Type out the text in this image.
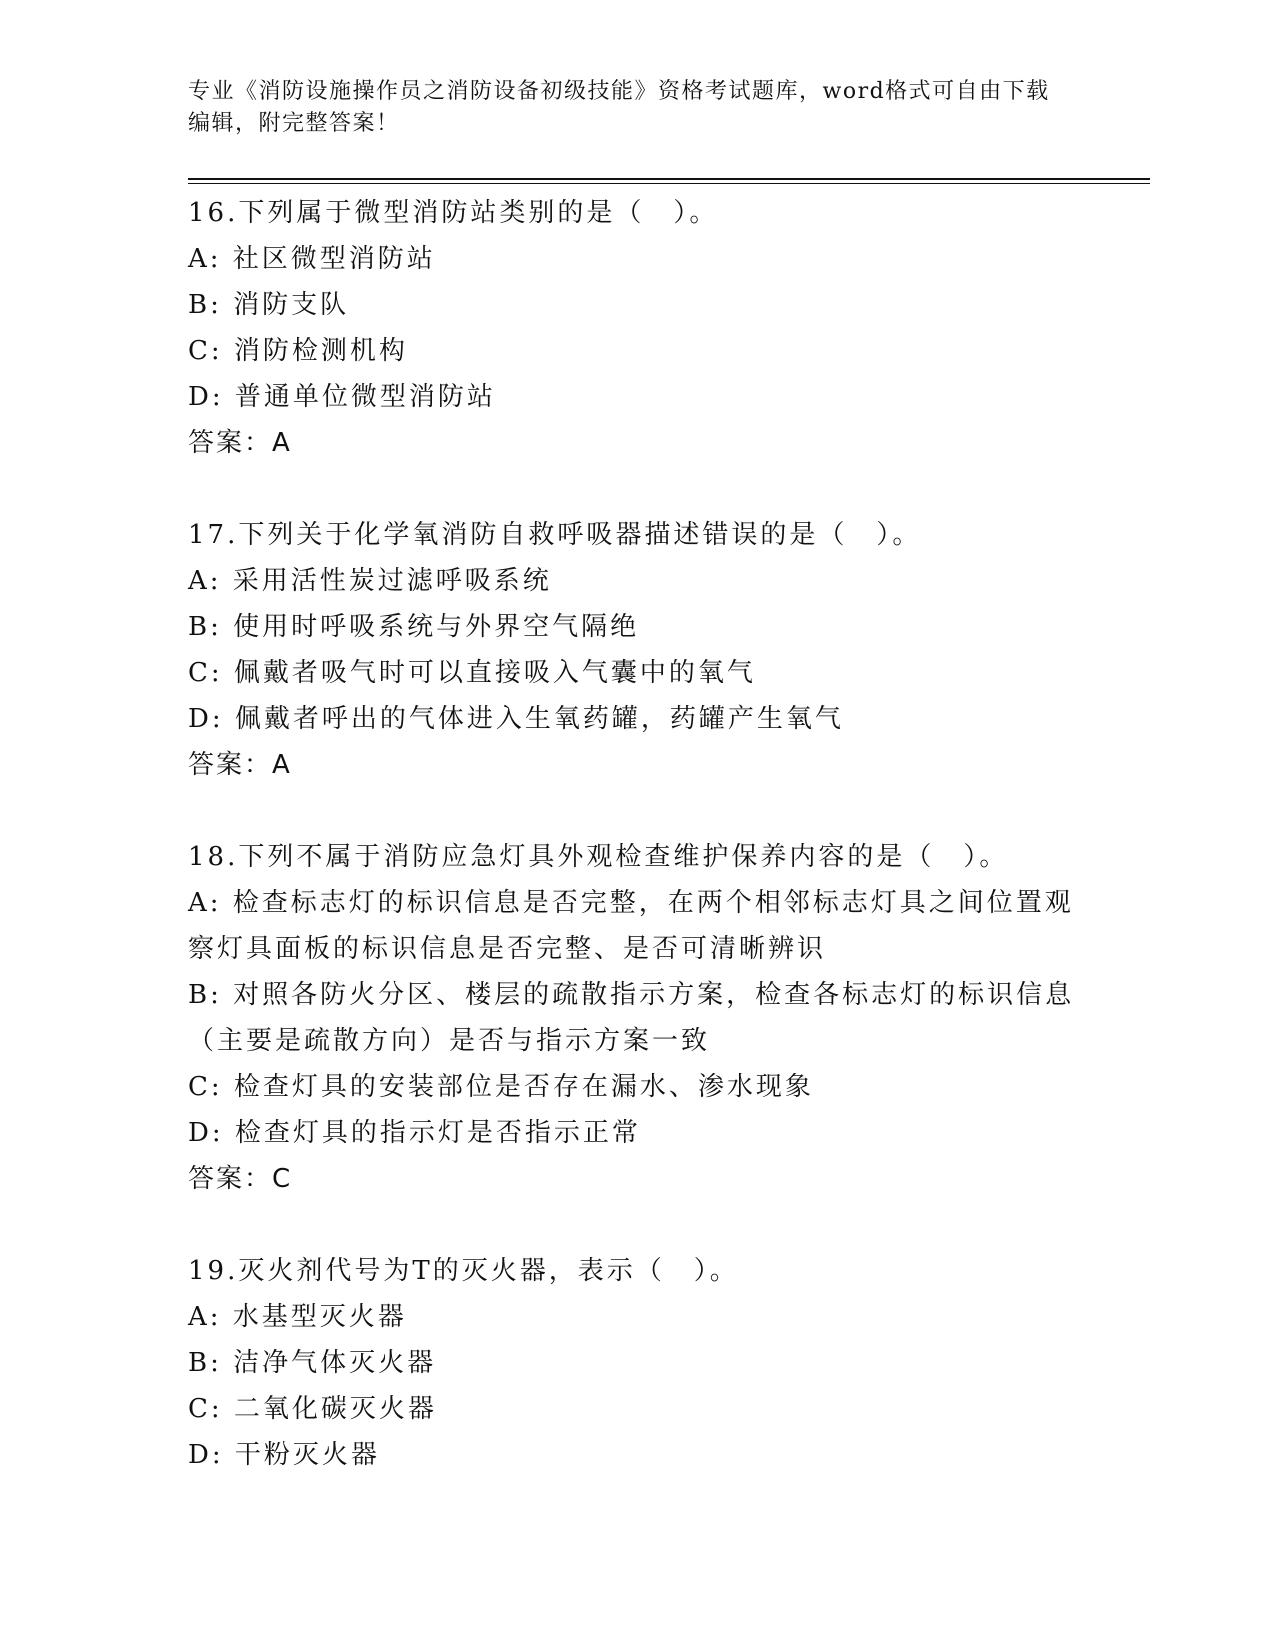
专业《消防设施操作员之消防设备初级技能》资格考试题库，word格式可自由下载编辑，附完整答案！
16.下列属于微型消防站类别的是（　）。
A: 社区微型消防站
B: 消防支队
C: 消防检测机构
D: 普通单位微型消防站
答案：A
17.下列关于化学氧消防自救呼吸器描述错误的是（　）。
A: 采用活性炭过滤呼吸系统
B: 使用时呼吸系统与外界空气隔绝
C: 佩戴者吸气时可以直接吸入气囊中的氧气
D: 佩戴者呼出的气体进入生氧药罐，药罐产生氧气
答案：A
18.下列不属于消防应急灯具外观检查维护保养内容的是（　）。
A: 检查标志灯的标识信息是否完整，在两个相邻标志灯具之间位置观察灯具面板的标识信息是否完整、是否可清晰辨识
B: 对照各防火分区、楼层的疏散指示方案，检查各标志灯的标识信息（主要是疏散方向）是否与指示方案一致
C: 检查灯具的安装部位是否存在漏水、渗水现象
D: 检查灯具的指示灯是否指示正常
答案：C
19.灭火剂代号为T的灭火器，表示（　）。
A: 水基型灭火器
B: 洁净气体灭火器
C: 二氧化碳灭火器
D: 干粉灭火器
